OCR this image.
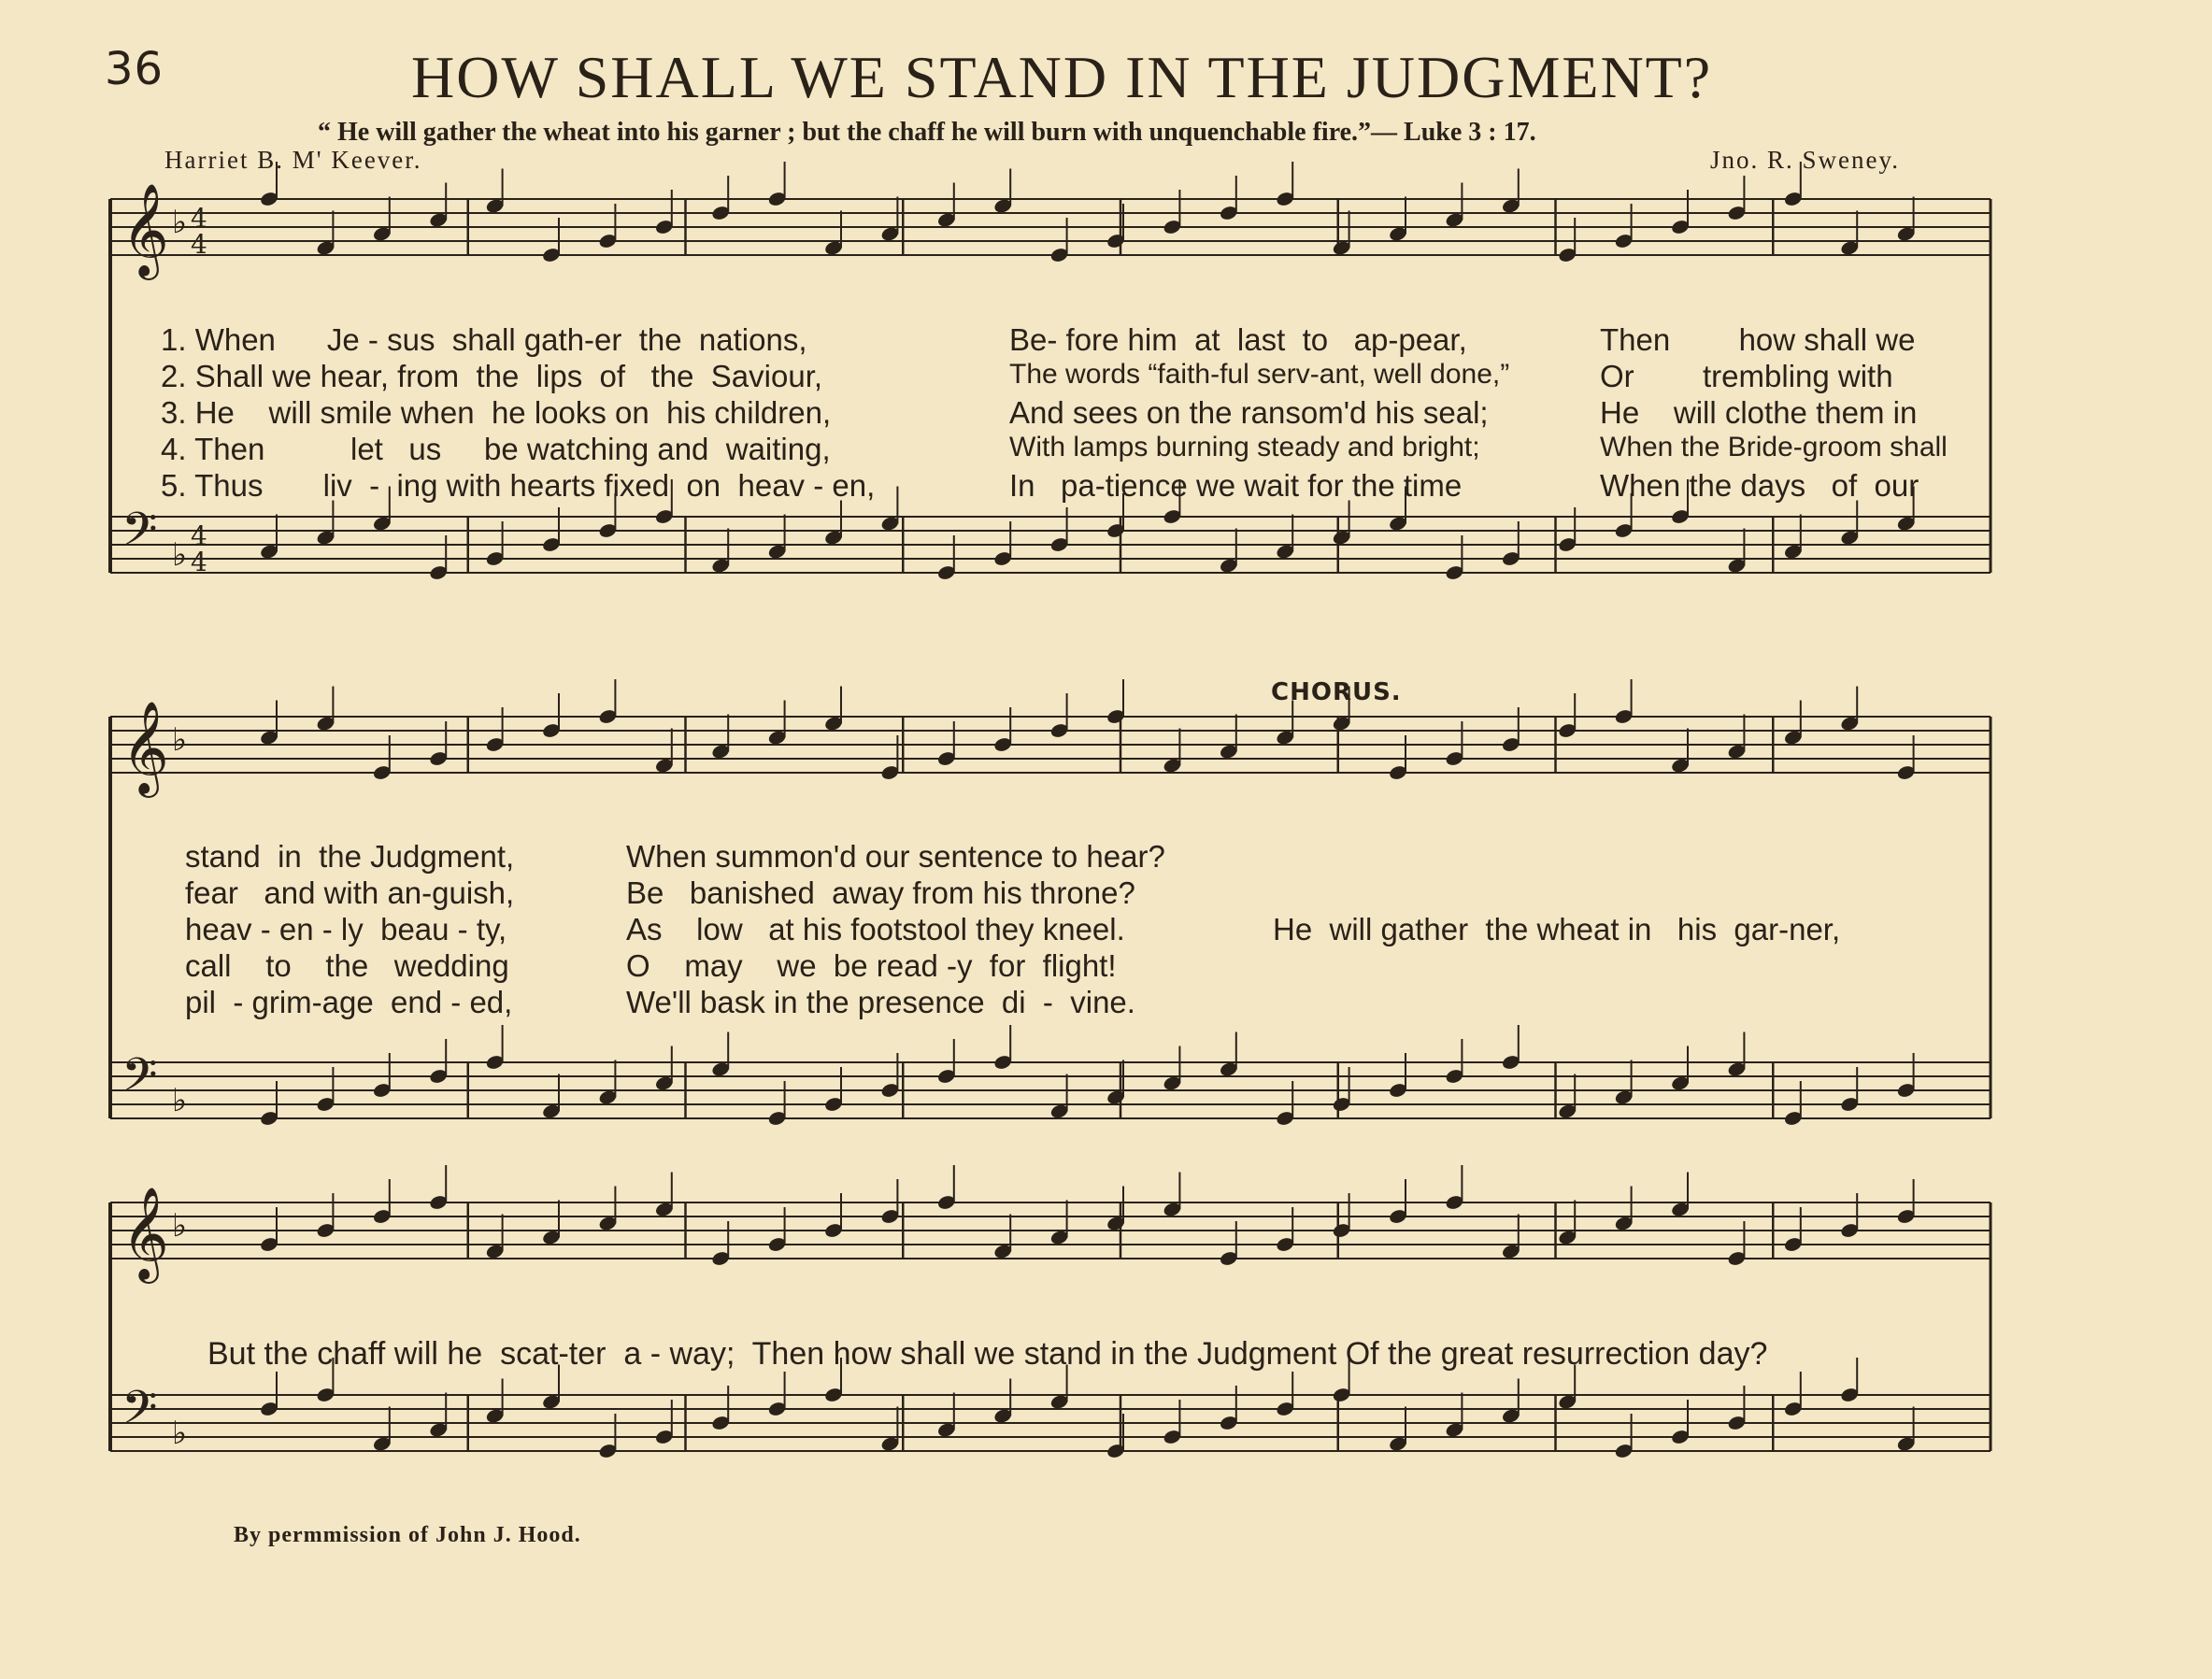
36	HOW SHALL WE STAND IN THE JUDGMENT?
“ He will gather the wheat into his garner ; but the chaff he will burn with unquenchable fire.”— Luke 3 : 17.
Harriet B. M' Keever.	Jno. R. Sweney.
CHORUS.
By permmission of John J. Hood.
𝄞 ♭ 4
4
𝄢 ♭
4
4
𝄞 ♭
𝄢 ♭
𝄞 ♭
𝄢 ♭
1. When      Je - sus  shall gath-er  the  nations,
2. Shall we hear, from  the  lips  of   the  Saviour,
3. He    will smile when  he looks on  his children,
4. Then          let   us     be watching and  waiting,
5. Thus       liv  -  ing with hearts fixed  on  heav - en,
Be- fore him  at  last  to   ap-pear,
The words “faith-ful serv-ant, well done,”
And sees on the ransom'd his seal;
With lamps burning steady and bright;
In   pa-tience we wait for the time
Then        how shall we
Or        trembling with
He    will clothe them in
When the Bride-groom shall
When the days   of  our
stand  in  the Judgment,
fear   and with an-guish,
heav - en - ly  beau - ty,
call    to    the   wedding
pil  - grim-age  end - ed,
When summon'd our sentence to hear?
Be   banished  away from his throne?
As    low   at his footstool they kneel.
O    may    we  be read -y  for  flight!
We'll bask in the presence  di  -  vine.
He  will gather  the wheat in   his  gar-ner,
But the chaff will he  scat-ter  a - way;  Then how shall we stand in the Judgment Of the great resurrection day?
